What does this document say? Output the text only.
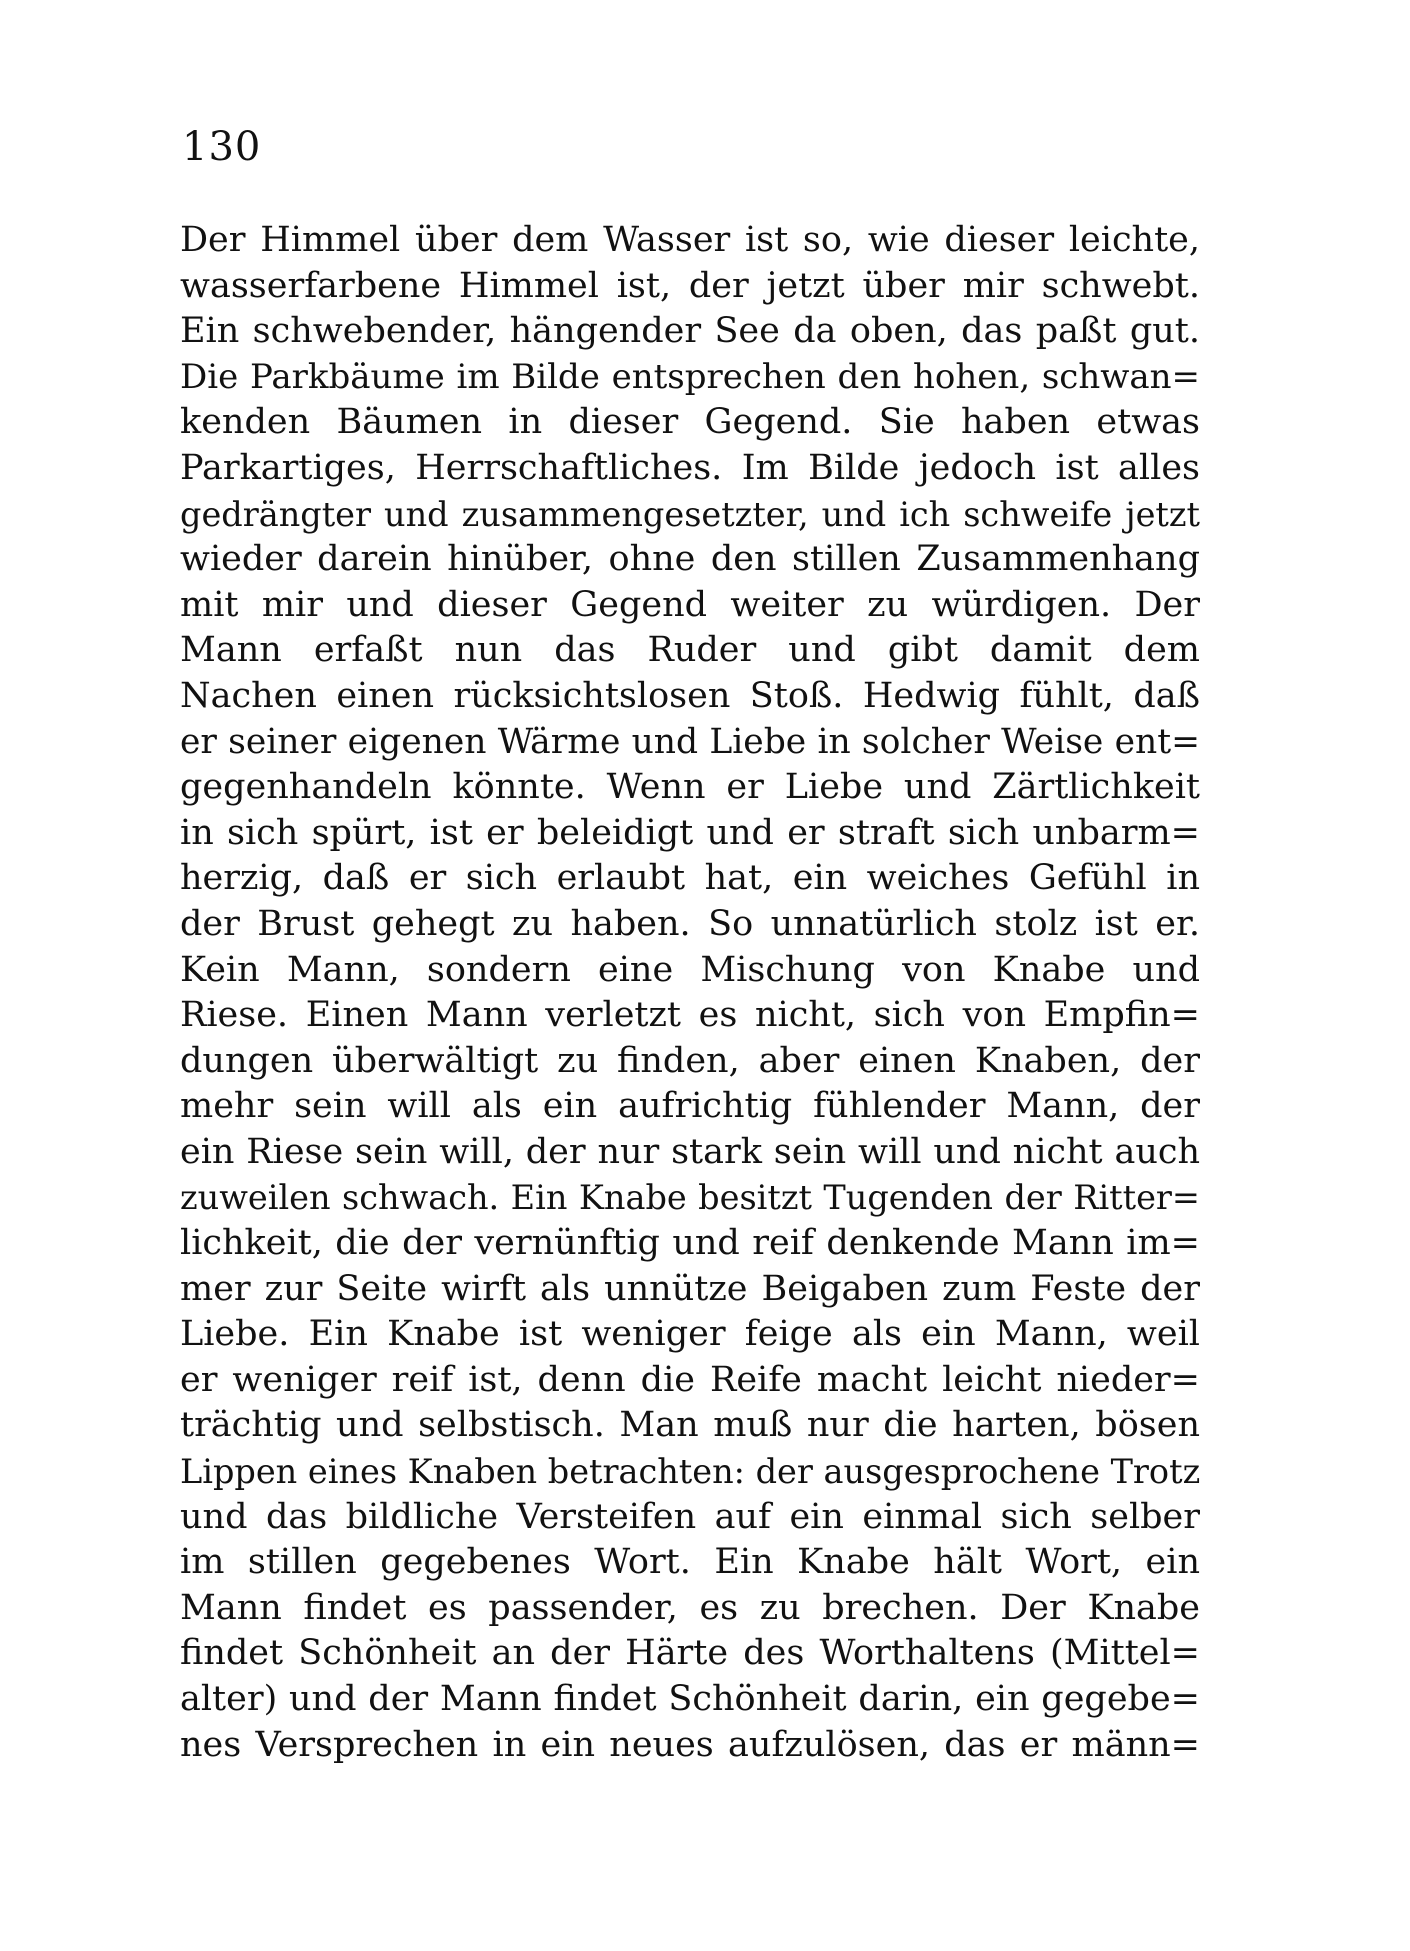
130
Der Himmel über dem Wasser ist so, wie dieser leichte,
wasserfarbene Himmel ist, der jetzt über mir schwebt.
Ein schwebender, hängender See da oben, das paßt gut.
Die Parkbäume im Bilde entsprechen den hohen, schwan=
kenden Bäumen in dieser Gegend. Sie haben etwas
Parkartiges, Herrschaftliches. Im Bilde jedoch ist alles
gedrängter und zusammengesetzter, und ich schweife jetzt
wieder darein hinüber, ohne den stillen Zusammenhang
mit mir und dieser Gegend weiter zu würdigen. Der
Mann erfaßt nun das Ruder und gibt damit dem
Nachen einen rücksichtslosen Stoß. Hedwig fühlt, daß
er seiner eigenen Wärme und Liebe in solcher Weise ent=
gegenhandeln könnte. Wenn er Liebe und Zärtlichkeit
in sich spürt, ist er beleidigt und er straft sich unbarm=
herzig, daß er sich erlaubt hat, ein weiches Gefühl in
der Brust gehegt zu haben. So unnatürlich stolz ist er.
Kein Mann, sondern eine Mischung von Knabe und
Riese. Einen Mann verletzt es nicht, sich von Empfin=
dungen überwältigt zu finden, aber einen Knaben, der
mehr sein will als ein aufrichtig fühlender Mann, der
ein Riese sein will, der nur stark sein will und nicht auch
zuweilen schwach. Ein Knabe besitzt Tugenden der Ritter=
lichkeit, die der vernünftig und reif denkende Mann im=
mer zur Seite wirft als unnütze Beigaben zum Feste der
Liebe. Ein Knabe ist weniger feige als ein Mann, weil
er weniger reif ist, denn die Reife macht leicht nieder=
trächtig und selbstisch. Man muß nur die harten, bösen
Lippen eines Knaben betrachten: der ausgesprochene Trotz
und das bildliche Versteifen auf ein einmal sich selber
im stillen gegebenes Wort. Ein Knabe hält Wort, ein
Mann findet es passender, es zu brechen. Der Knabe
findet Schönheit an der Härte des Worthaltens (Mittel=
alter) und der Mann findet Schönheit darin, ein gegebe=
nes Versprechen in ein neues aufzulösen, das er männ=
